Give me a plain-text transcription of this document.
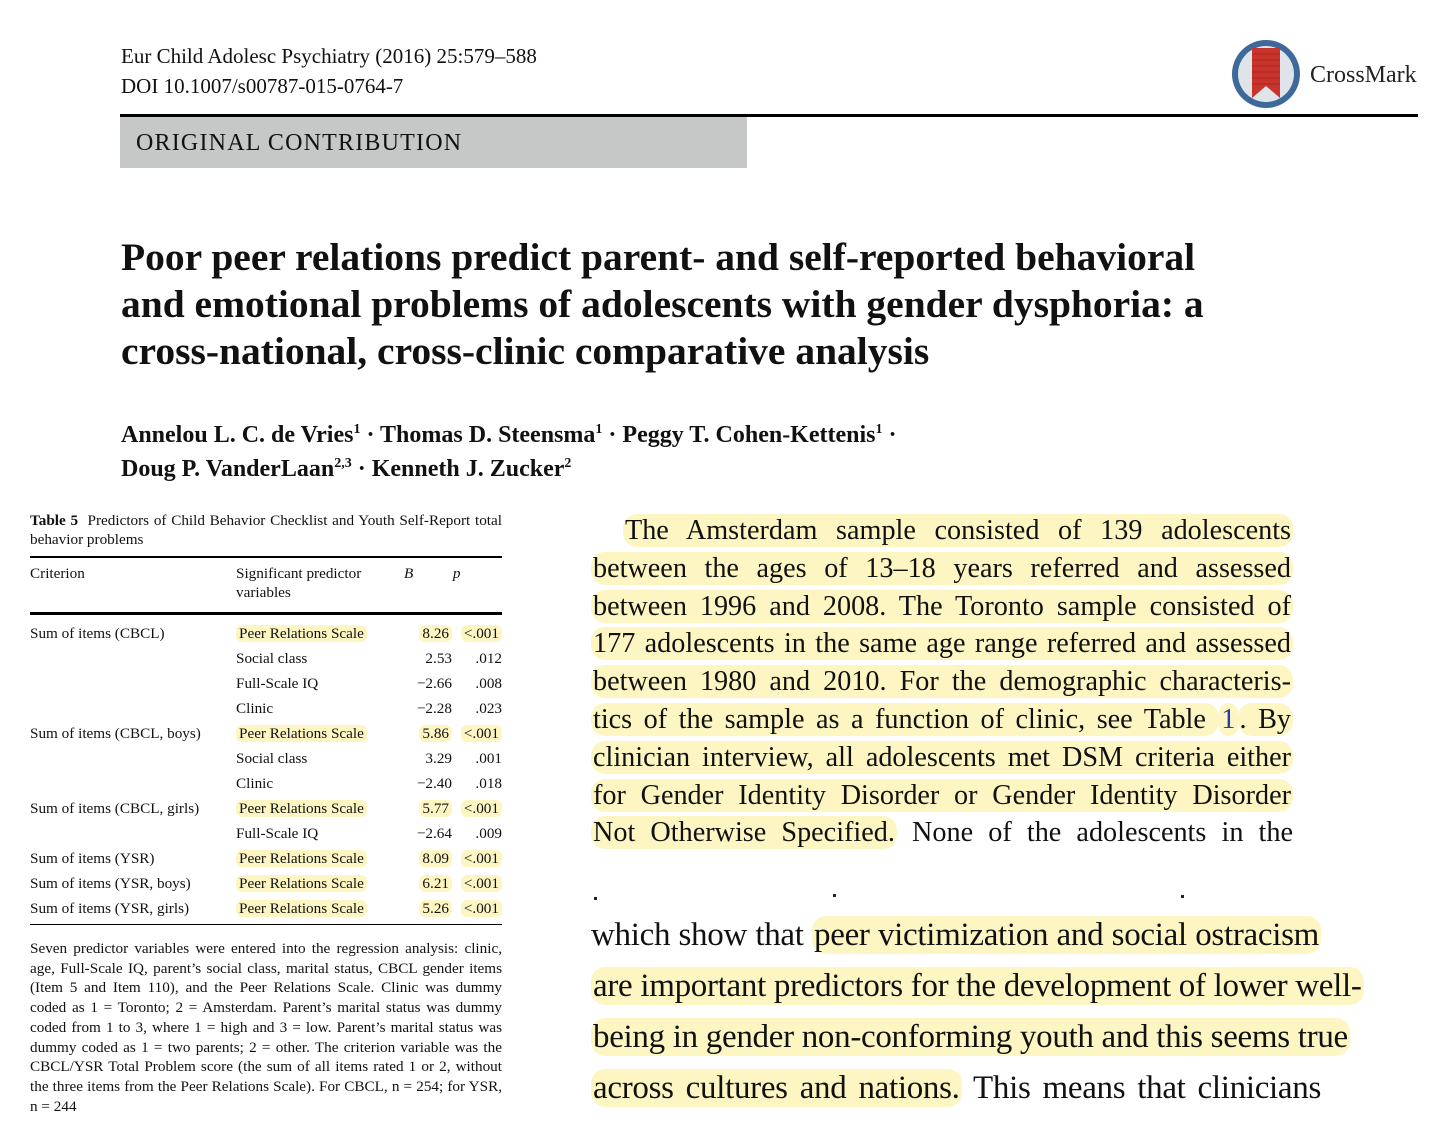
Eur Child Adolesc Psychiatry (2016) 25:579–588
DOI 10.1007/s00787-015-0764-7	CrossMark
ORIGINAL CONTRIBUTION
Poor peer relations predict parent- and self-reported behavioral
and emotional problems of adolescents with gender dysphoria: a
cross-national, cross-clinic comparative analysis
Annelou L. C. de Vries$^1$ · Thomas D. Steensma$^1$ · Peggy T. Cohen-Kettenis$^1$ ·
Doug P. VanderLaan$^{2,3}$ · Kenneth J. Zucker$^2$
Table 5 Predictors of Child Behavior Checklist and Youth Self-Report total behavior problems
Criterion	Significant predictor
variables
	B	p
Sum of items (CBCL)	Peer Relations Scale	8.26	<.001
	Social class	2.53	.012
	Full-Scale IQ	−2.66	.008
	Clinic	−2.28	.023
Sum of items (CBCL, boys)	Peer Relations Scale	5.86	<.001
	Social class	3.29	.001
	Clinic	−2.40	.018
Sum of items (CBCL, girls)	Peer Relations Scale	5.77	<.001
	Full-Scale IQ	−2.64	.009
Sum of items (YSR)	Peer Relations Scale	8.09	<.001
Sum of items (YSR, boys)	Peer Relations Scale	6.21	<.001
Sum of items (YSR, girls)	Peer Relations Scale	5.26	<.001
Seven predictor variables were entered into the regression analysis: clinic, age, Full-Scale IQ, parent’s social class, marital status, CBCL gender items (Item 5 and Item 110), and the Peer Relations Scale. Clinic was dummy coded as 1 = Toronto; 2 = Amsterdam. Parent’s marital status was dummy coded from 1 to 3, where 1 = high and 3 = low. Parent’s marital status was dummy coded as 1 = two parents; 2 = other. The criterion variable was the CBCL/YSR Total Problem score (the sum of all items rated 1 or 2, without the three items from the Peer Relations Scale). For CBCL, n = 254; for YSR, n = 244
The Amsterdam sample consisted of 139 adolescents
between the ages of 13–18 years referred and assessed
between 1996 and 2008. The Toronto sample consisted of
177 adolescents in the same age range referred and assessed
between 1980 and 2010. For the demographic characteris-
tics of the sample as a function of clinic, see Table 1 . By
clinician interview, all adolescents met DSM criteria either
for Gender Identity Disorder or Gender Identity Disorder
Not Otherwise Specified. None of the adolescents in the
which show that peer victimization and social ostracism
are important predictors for the development of lower well-
being in gender non-conforming youth and this seems true
across cultures and nations. This means that clinicians
